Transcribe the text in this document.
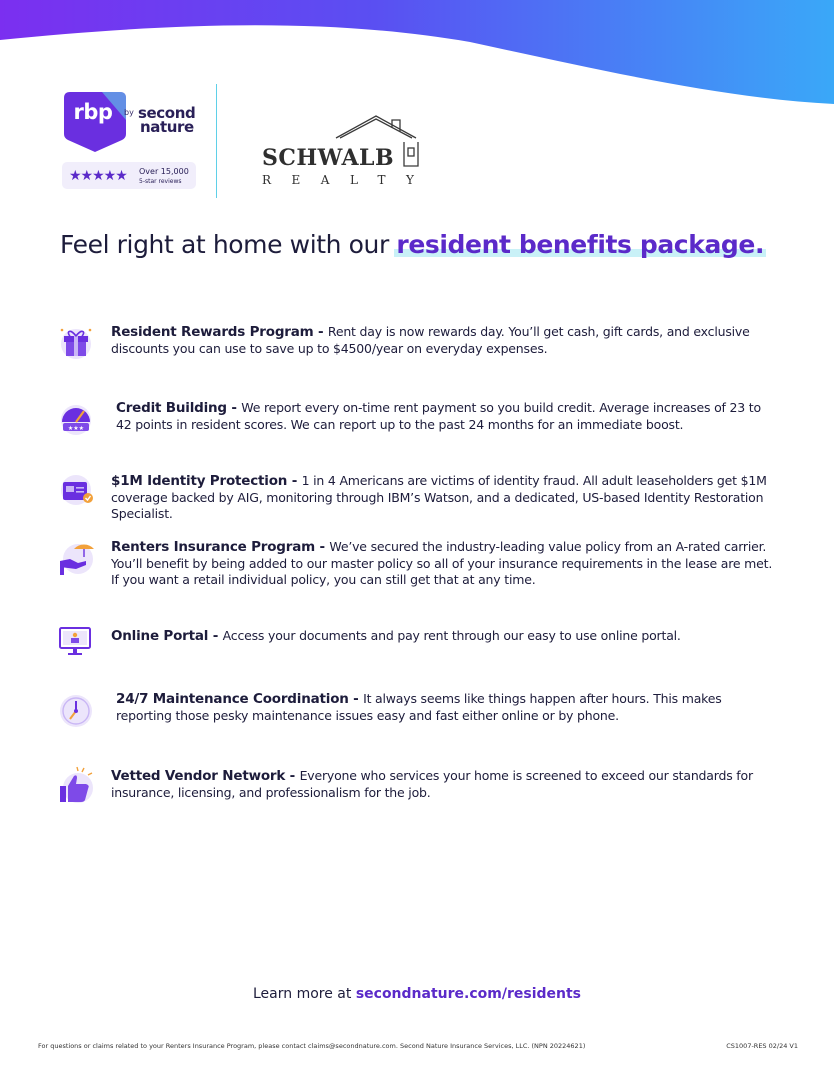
rbp	by second
nature
★★★★★ Over 15,000
5-star reviews
SCHWALB
REALTY
Feel right at home with our resident benefits package.
Resident Rewards Program - Rent day is now rewards day. You’ll get cash, gift cards, and exclusive discounts you can use to save up to $4500/year on everyday expenses.
★★★
Credit Building - We report every on-time rent payment so you build credit. Average increases of 23 to 42 points in resident scores. We can report up to the past 24 months for an immediate boost.
$1M Identity Protection - 1 in 4 Americans are victims of identity fraud. All adult leaseholders get $1M coverage backed by AIG, monitoring through IBM’s Watson, and a dedicated, US-based Identity Restoration Specialist.
Renters Insurance Program - We’ve secured the industry-leading value policy from an A-rated carrier. You’ll benefit by being added to our master policy so all of your insurance requirements in the lease are met. If you want a retail individual policy, you can still get that at any time.
Online Portal - Access your documents and pay rent through our easy to use online portal.
24/7 Maintenance Coordination - It always seems like things happen after hours. This makes reporting those pesky maintenance issues easy and fast either online or by phone.
Vetted Vendor Network - Everyone who services your home is screened to exceed our standards for insurance, licensing, and professionalism for the job.
Learn more at secondnature.com/residents
For questions or claims related to your Renters Insurance Program, please contact claims@secondnature.com. Second Nature Insurance Services, LLC. (NPN 20224621)	CS1007-RES 02/24 V1
